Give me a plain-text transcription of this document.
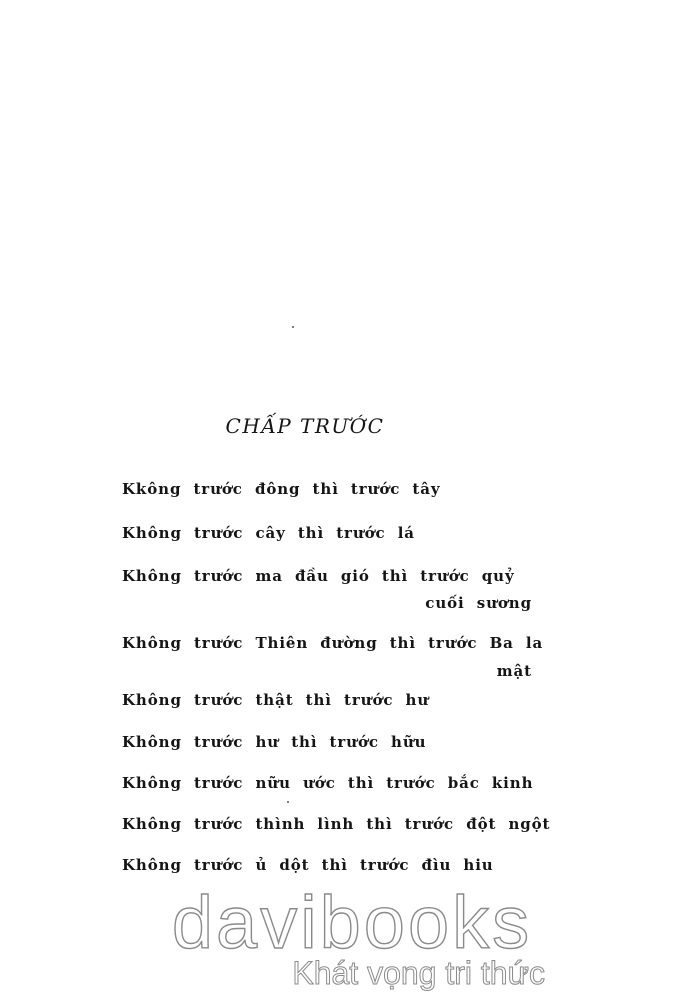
CHẤP TRƯỚC
Kkông trước đông thì trước tây
Không trước cây thì trước lá
Không trước ma đầu gió thì trước quỷ
cuối sương
Không trước Thiên đường thì trước Ba la
mật
Không trước thật thì trước hư
Không trước hư thì trước hữu
Không trước nữu ước thì trước bắc kinh
Không trước thình lình thì trước đột ngột
Không trước ủ dột thì trước đìu hiu
davibooks
Khát vọng tri thức
